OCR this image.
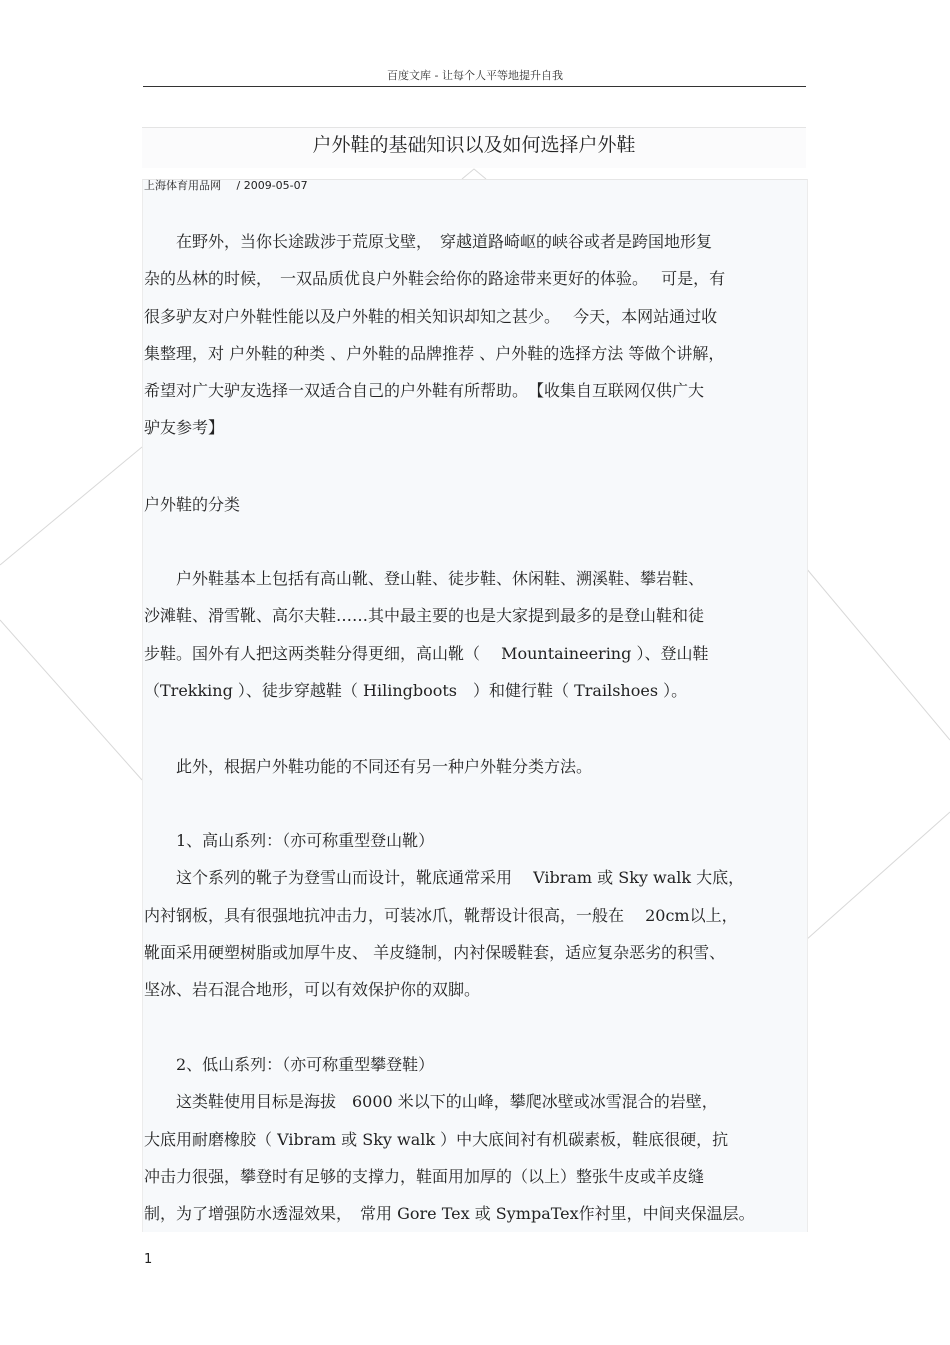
百度文库 - 让每个人平等地提升自我
户外鞋的基础知识以及如何选择户外鞋
上海体育用品网 / 2009-05-07

　　在野外，当你长途跋涉于荒原戈壁，　穿越道路崎岖的峡谷或者是跨国地形复

杂的丛林的时候，　一双品质优良户外鞋会给你的路途带来更好的体验。　 可是，有

很多驴友对户外鞋性能以及户外鞋的相关知识却知之甚少。　 今天，本网站通过收

集整理，对 户外鞋的种类 、户外鞋的品牌推荐 、户外鞋的选择方法 等做个讲解，

希望对广大驴友选择一双适合自己的户外鞋有所帮助。　【收集自互联网仅供广大

驴友参考】

户外鞋的分类

　　户外鞋基本上包括有高山靴、登山鞋、徒步鞋、休闲鞋、溯溪鞋、攀岩鞋、

沙滩鞋、滑雪靴、高尔夫鞋……其中最主要的也是大家提到最多的是登山鞋和徒

步鞋。国外有人把这两类鞋分得更细，高山靴（　 Mountaineering ）、登山鞋

（Trekking ）、徒步穿越鞋（ Hilingboots　）和健行鞋（ Trailshoes ）。

　　此外，根据户外鞋功能的不同还有另一种户外鞋分类方法。

　　1、高山系列：（亦可称重型登山靴）

　　这个系列的靴子为登雪山而设计，靴底通常采用　 Vibram 或 Sky walk 大底，

内衬钢板，具有很强地抗冲击力，可装冰爪，靴帮设计很高，一般在　 20cm以上，

靴面采用硬塑树脂或加厚牛皮、 羊皮缝制，内衬保暖鞋套，适应复杂恶劣的积雪、

坚冰、岩石混合地形，可以有效保护你的双脚。

　　2、低山系列：（亦可称重型攀登鞋）

　　这类鞋使用目标是海拔　6000 米以下的山峰，攀爬冰壁或冰雪混合的岩壁，

大底用耐磨橡胶（ Vibram 或 Sky walk ）中大底间衬有机碳素板，鞋底很硬，抗

冲击力很强，攀登时有足够的支撑力，鞋面用加厚的（以上）整张牛皮或羊皮缝

制，为了增强防水透湿效果，　常用 Gore Tex 或 SympaTex作衬里，中间夹保温层。

1
